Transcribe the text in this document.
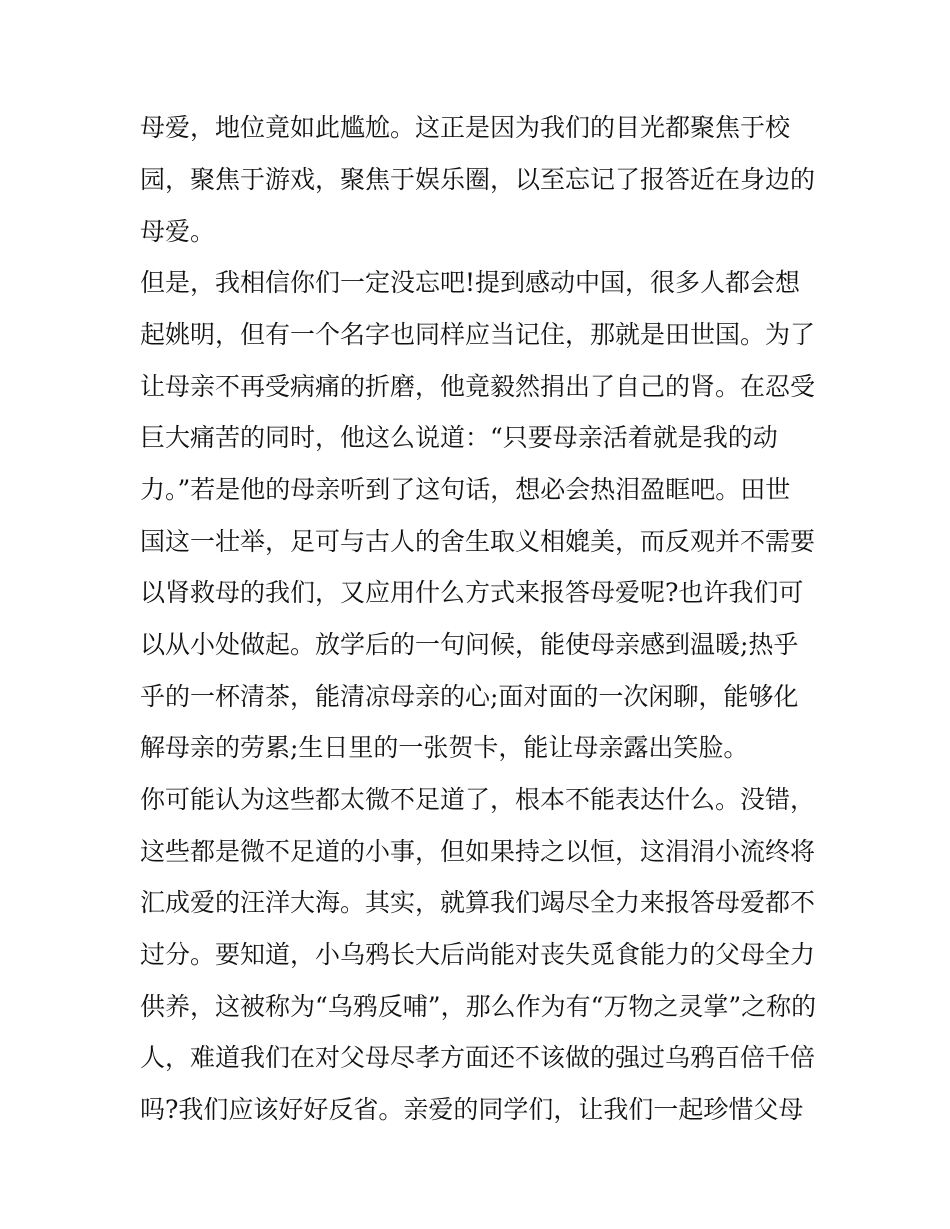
母爱，地位竟如此尴尬。这正是因为我们的目光都聚焦于校
园，聚焦于游戏，聚焦于娱乐圈，以至忘记了报答近在身边的
母爱。
但是，我相信你们一定没忘吧!提到感动中国，很多人都会想
起姚明，但有一个名字也同样应当记住，那就是田世国。为了
让母亲不再受病痛的折磨，他竟毅然捐出了自己的肾。在忍受
巨大痛苦的同时，他这么说道：“只要母亲活着就是我的动
力。”若是他的母亲听到了这句话，想必会热泪盈眶吧。田世
国这一壮举，足可与古人的舍生取义相媲美，而反观并不需要
以肾救母的我们，又应用什么方式来报答母爱呢?也许我们可
以从小处做起。放学后的一句问候，能使母亲感到温暖;热乎
乎的一杯清茶，能清凉母亲的心;面对面的一次闲聊，能够化
解母亲的劳累;生日里的一张贺卡，能让母亲露出笑脸。
你可能认为这些都太微不足道了，根本不能表达什么。没错，
这些都是微不足道的小事，但如果持之以恒，这涓涓小流终将
汇成爱的汪洋大海。其实，就算我们竭尽全力来报答母爱都不
过分。要知道，小乌鸦长大后尚能对丧失觅食能力的父母全力
供养，这被称为“乌鸦反哺”，那么作为有“万物之灵掌”之称的
人，难道我们在对父母尽孝方面还不该做的强过乌鸦百倍千倍
吗?我们应该好好反省。亲爱的同学们，让我们一起珍惜父母
